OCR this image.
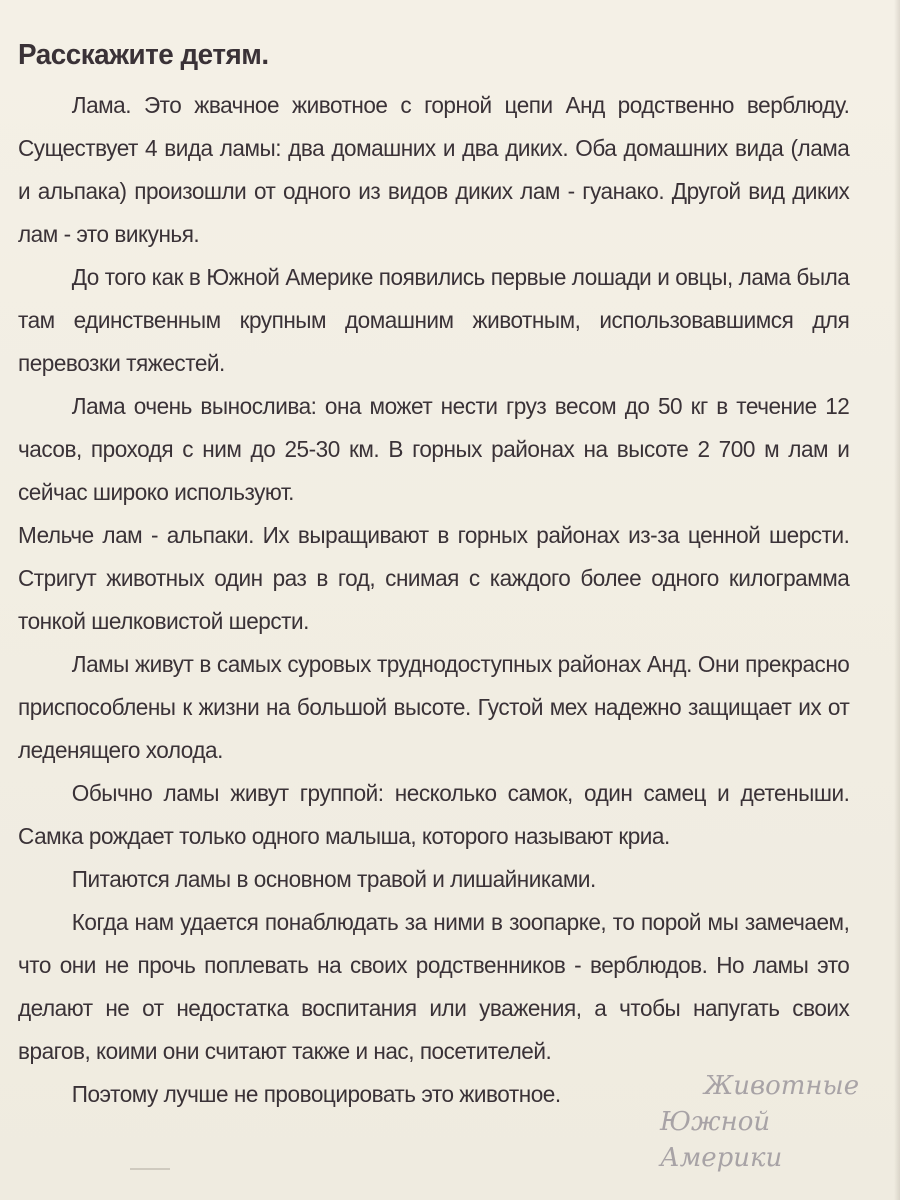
Расскажите детям.

Лама. Это жвачное животное с горной цепи Анд родственно верблюду. Существует 4 вида ламы: два домашних и два диких. Оба домашних вида (лама и альпака) произошли от одного из видов диких лам - гуанако. Другой вид диких лам - это викунья.

До того как в Южной Америке появились первые лошади и овцы, лама была там единственным крупным домашним животным, использовавшимся для перевозки тяжестей.

Лама очень вынослива: она может нести груз весом до 50 кг в течение 12 часов, проходя с ним до 25-30 км. В горных районах на высоте 2 700 м лам и сейчас широко используют.

Мельче лам - альпаки. Их выращивают в горных районах из-за ценной шерсти. Стригут животных один раз в год, снимая с каждого более одного килограмма тонкой шелковистой шерсти.

Ламы живут в самых суровых труднодоступных районах Анд. Они прекрасно приспособлены к жизни на большой высоте. Густой мех надежно защищает их от леденящего холода.

Обычно ламы живут группой: несколько самок, один самец и детеныши. Самка рождает только одного малыша, которого называют криа.

Питаются ламы в основном травой и лишайниками.

Когда нам удается понаблюдать за ними в зоопарке, то порой мы замечаем, что они не прочь поплевать на своих родственников - верблюдов. Но ламы это делают не от недостатка воспитания или уважения, а чтобы напугать своих врагов, коими они считают также и нас, посетителей.

Поэтому лучше не провоцировать это животное.	Животные
Южной Америки
